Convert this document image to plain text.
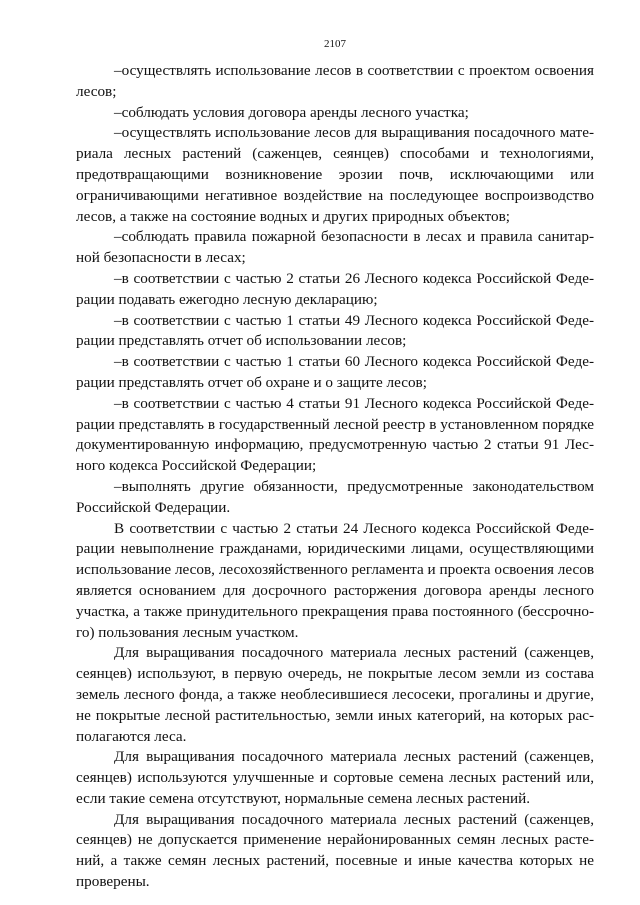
2107

–осуществлять использование лесов в соответствии с проектом освоения лесов;

–соблюдать условия договора аренды лесного участка;

–осуществлять использование лесов для выращивания посадочного материала лесных растений (саженцев, сеянцев) способами и технологиями, предотвращающими возникновение эрозии почв, исключающими или ограничивающими негативное воздействие на последующее воспроизводство лесов, а также на состояние водных и других природных объектов;

–соблюдать правила пожарной безопасности в лесах и правила санитарной безопасности в лесах;

–в соответствии с частью 2 статьи 26 Лесного кодекса Российской Федерации подавать ежегодно лесную декларацию;

–в соответствии с частью 1 статьи 49 Лесного кодекса Российской Федерации представлять отчет об использовании лесов;

–в соответствии с частью 1 статьи 60 Лесного кодекса Российской Федерации представлять отчет об охране и о защите лесов;

–в соответствии с частью 4 статьи 91 Лесного кодекса Российской Федерации представлять в государственный лесной реестр в установленном порядке документированную информацию, предусмотренную частью 2 статьи 91 Лесного кодекса Российской Федерации;

–выполнять другие обязанности, предусмотренные законодательством Российской Федерации.

В соответствии с частью 2 статьи 24 Лесного кодекса Российской Федерации невыполнение гражданами, юридическими лицами, осуществляющими использование лесов, лесохозяйственного регламента и проекта освоения лесов является основанием для досрочного расторжения договора аренды лесного участка, а также принудительного прекращения права постоянного (бессрочного) пользования лесным участком.

Для выращивания посадочного материала лесных растений (саженцев, сеянцев) используют, в первую очередь, не покрытые лесом земли из состава земель лесного фонда, а также необлесившиеся лесосеки, прогалины и другие, не покрытые лесной растительностью, земли иных категорий, на которых располагаются леса.

Для выращивания посадочного материала лесных растений (саженцев, сеянцев) используются улучшенные и сортовые семена лесных растений или, если такие семена отсутствуют, нормальные семена лесных растений.

Для выращивания посадочного материала лесных растений (саженцев, сеянцев) не допускается применение нерайонированных семян лесных растений, а также семян лесных растений, посевные и иные качества которых не проверены.
